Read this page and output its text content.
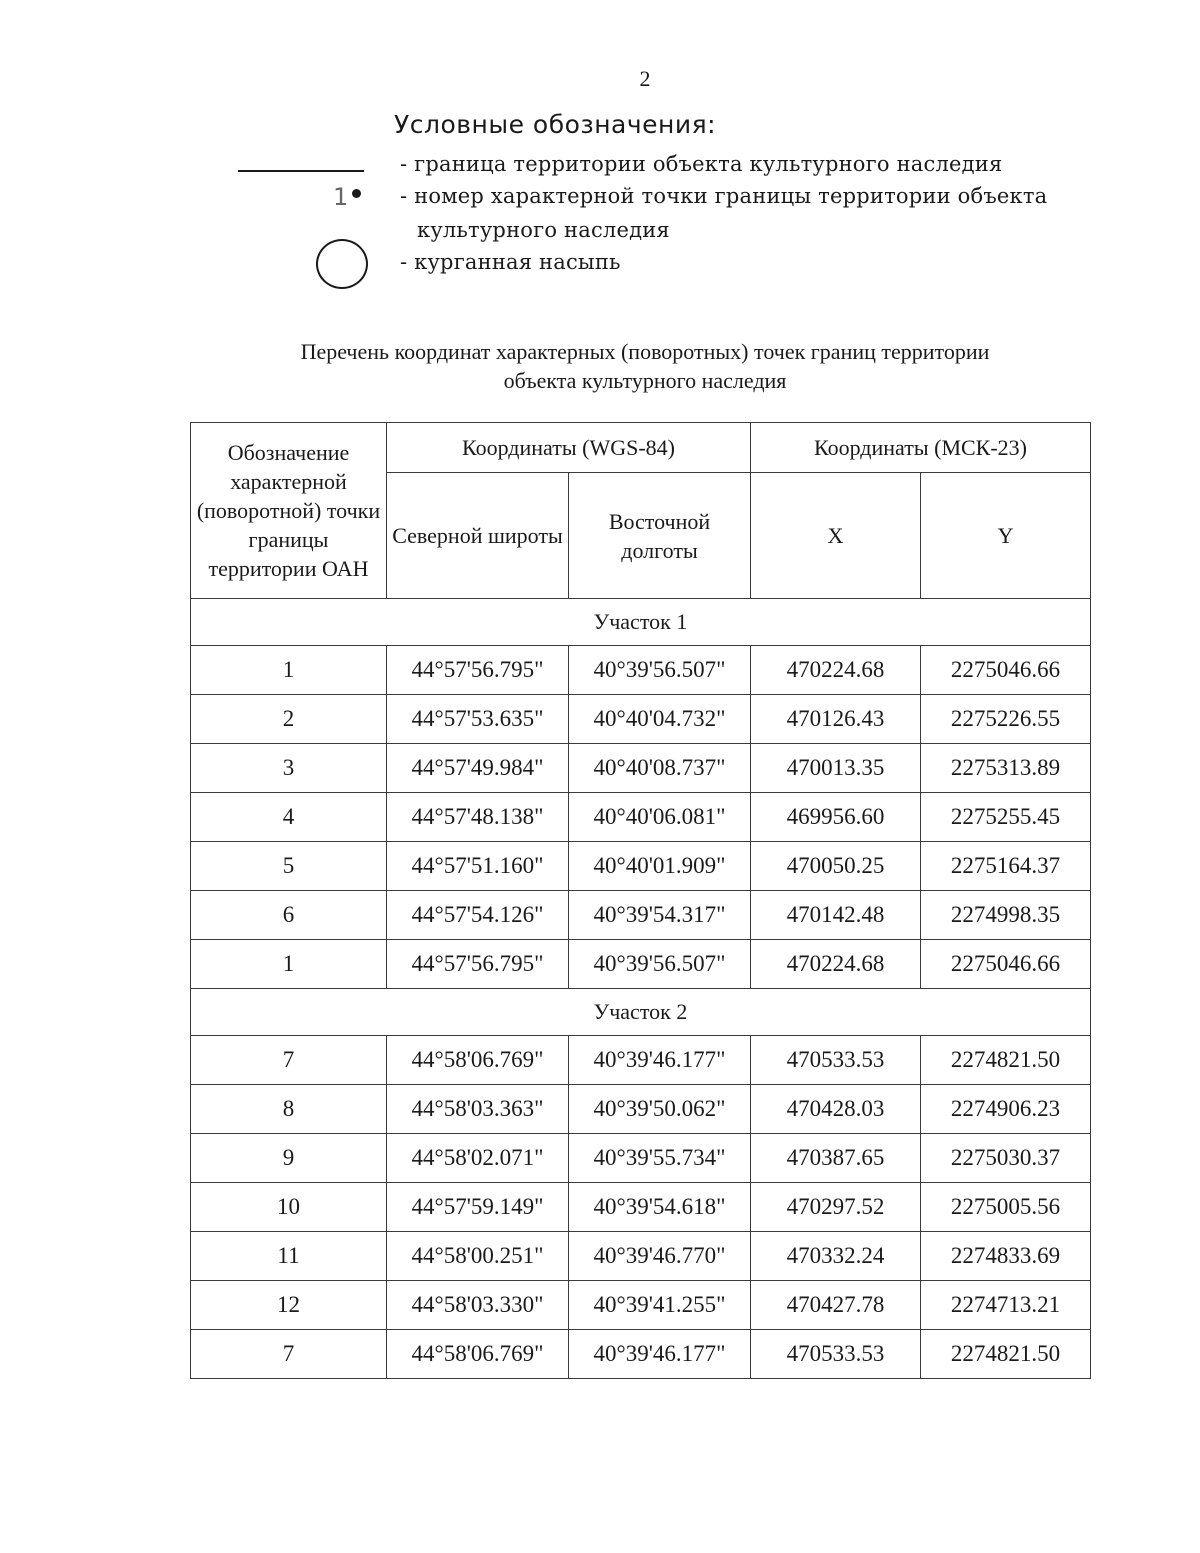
2
Условные обозначения:
- граница территории объекта культурного наследия
1	- номер характерной точки границы территории объекта
культурного наследия
- курганная насыпь
Перечень координат характерных (поворотных) точек границ территории
объекта культурного наследия
Обозначение характерной (поворотной) точки границы территории ОАН	Координаты (WGS-84)		Координаты (МСК-23)	
	Северной широты	Восточной долготы	X	Y
Участок 1				
1	44°57'56.795"	40°39'56.507"	470224.68	2275046.66
2	44°57'53.635"	40°40'04.732"	470126.43	2275226.55
3	44°57'49.984"	40°40'08.737"	470013.35	2275313.89
4	44°57'48.138"	40°40'06.081"	469956.60	2275255.45
5	44°57'51.160"	40°40'01.909"	470050.25	2275164.37
6	44°57'54.126"	40°39'54.317"	470142.48	2274998.35
1	44°57'56.795"	40°39'56.507"	470224.68	2275046.66
Участок 2				
7	44°58'06.769"	40°39'46.177"	470533.53	2274821.50
8	44°58'03.363"	40°39'50.062"	470428.03	2274906.23
9	44°58'02.071"	40°39'55.734"	470387.65	2275030.37
10	44°57'59.149"	40°39'54.618"	470297.52	2275005.56
11	44°58'00.251"	40°39'46.770"	470332.24	2274833.69
12	44°58'03.330"	40°39'41.255"	470427.78	2274713.21
7	44°58'06.769"	40°39'46.177"	470533.53	2274821.50
